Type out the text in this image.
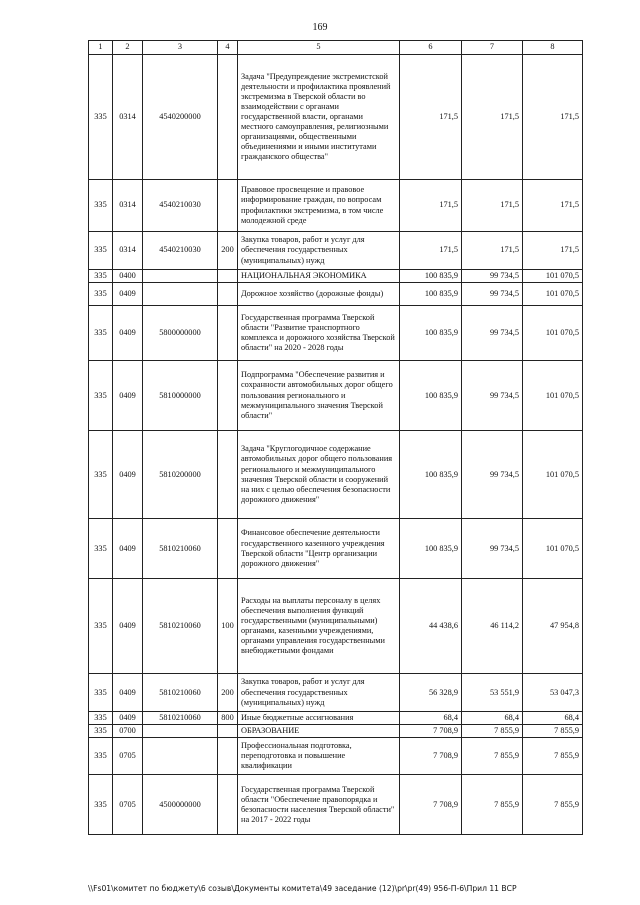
169
1	2	3	4	5	6	7	8
335	0314	4540200000		Задача "Предупреждение экстремистской деятельности и профилактика проявлений экстремизма в Тверской области во взаимодействии с органами государственной власти, органами местного самоуправления, религиозными организациями, общественными объединениями и иными институтами гражданского общества"	171,5	171,5	171,5
335	0314	4540210030		Правовое просвещение и правовое информирование граждан, по вопросам профилактики экстремизма, в том числе молодежной среде	171,5	171,5	171,5
335	0314	4540210030	200	Закупка товаров, работ и услуг для обеспечения государственных (муниципальных) нужд	171,5	171,5	171,5
335	0400			НАЦИОНАЛЬНАЯ ЭКОНОМИКА	100 835,9	99 734,5	101 070,5
335	0409			Дорожное хозяйство (дорожные фонды)	100 835,9	99 734,5	101 070,5
335	0409	5800000000		Государственная программа Тверской области "Развитие транспортного комплекса и дорожного хозяйства Тверской области" на 2020 - 2028 годы	100 835,9	99 734,5	101 070,5
335	0409	5810000000		Подпрограмма "Обеспечение развития и сохранности автомобильных дорог общего пользования регионального и межмуниципального значения Тверской области"	100 835,9	99 734,5	101 070,5
335	0409	5810200000		Задача "Круглогодичное содержание автомобильных дорог общего пользования регионального и межмуниципального значения Тверской области и сооружений на них с целью обеспечения безопасности дорожного движения"	100 835,9	99 734,5	101 070,5
335	0409	5810210060		Финансовое обеспечение деятельности государственного казенного учреждения Тверской области "Центр организации дорожного движения"	100 835,9	99 734,5	101 070,5
335	0409	5810210060	100	Расходы на выплаты персоналу в целях обеспечения выполнения функций государственными (муниципальными) органами, казенными учреждениями, органами управления государственными внебюджетными фондами	44 438,6	46 114,2	47 954,8
335	0409	5810210060	200	Закупка товаров, работ и услуг для обеспечения государственных (муниципальных) нужд	56 328,9	53 551,9	53 047,3
335	0409	5810210060	800	Иные бюджетные ассигнования	68,4	68,4	68,4
335	0700			ОБРАЗОВАНИЕ	7 708,9	7 855,9	7 855,9
335	0705			Профессиональная подготовка, переподготовка и повышение квалификации	7 708,9	7 855,9	7 855,9
335	0705	4500000000		Государственная программа Тверской области "Обеспечение правопорядка и безопасности населения Тверской области" на 2017 - 2022 годы	7 708,9	7 855,9	7 855,9
\\Fs01\комитет по бюджету\6 созыв\Документы комитета\49 заседание (12)\pr\pr(49) 956-П-6\Прил 11 ВСР
